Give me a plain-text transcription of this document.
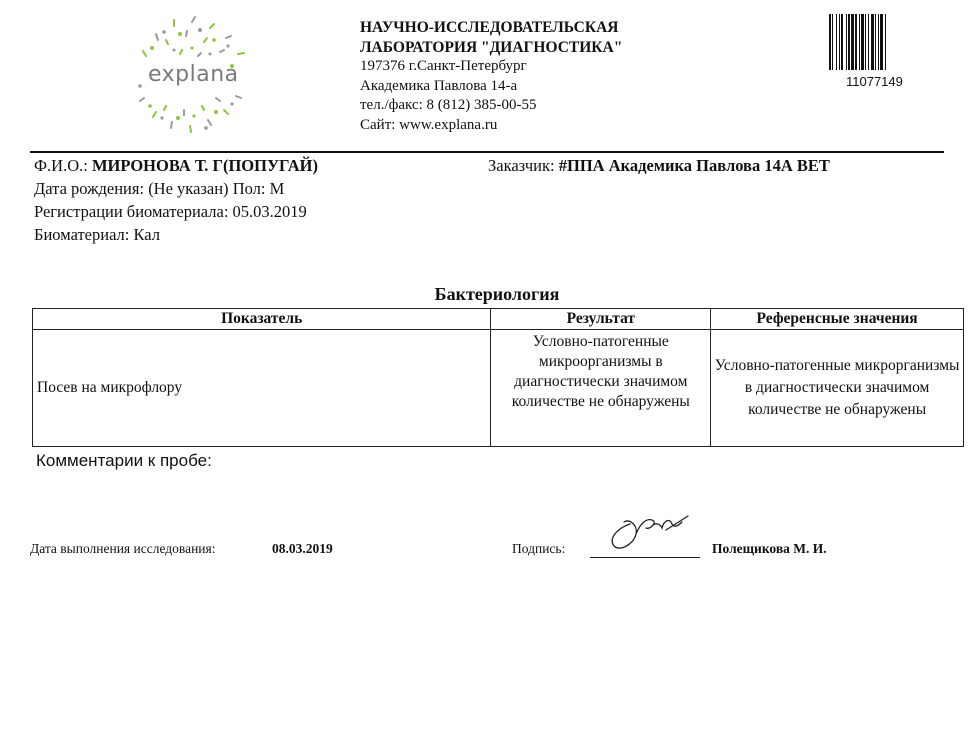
explana
НАУЧНО-ИССЛЕДОВАТЕЛЬСКАЯ
ЛАБОРАТОРИЯ "ДИАГНОСТИКА"
197376 г.Санкт-Петербург
Академика Павлова 14-а
тел./факс: 8 (812) 385-00-55
Сайт: www.explana.ru
11077149
Ф.И.О.: МИРОНОВА Т. Г(ПОПУГАЙ)	Заказчик: #ППА Академика Павлова 14А ВЕТ
Дата рождения: (Не указан) Пол: М
Регистрации биоматериала: 05.03.2019
Биоматериал: Кал
Бактериология
Показатель	Результат	Референсные значения
Посев на микрофлору	Условно-патогенные микроорганизмы в диагностически значимом количестве не обнаружены	Условно-патогенные микрорганизмы в диагностически значимом количестве не обнаружены
Комментарии к пробе:
Дата выполнения исследования:	08.03.2019	Подпись:	Полещикова М. И.
